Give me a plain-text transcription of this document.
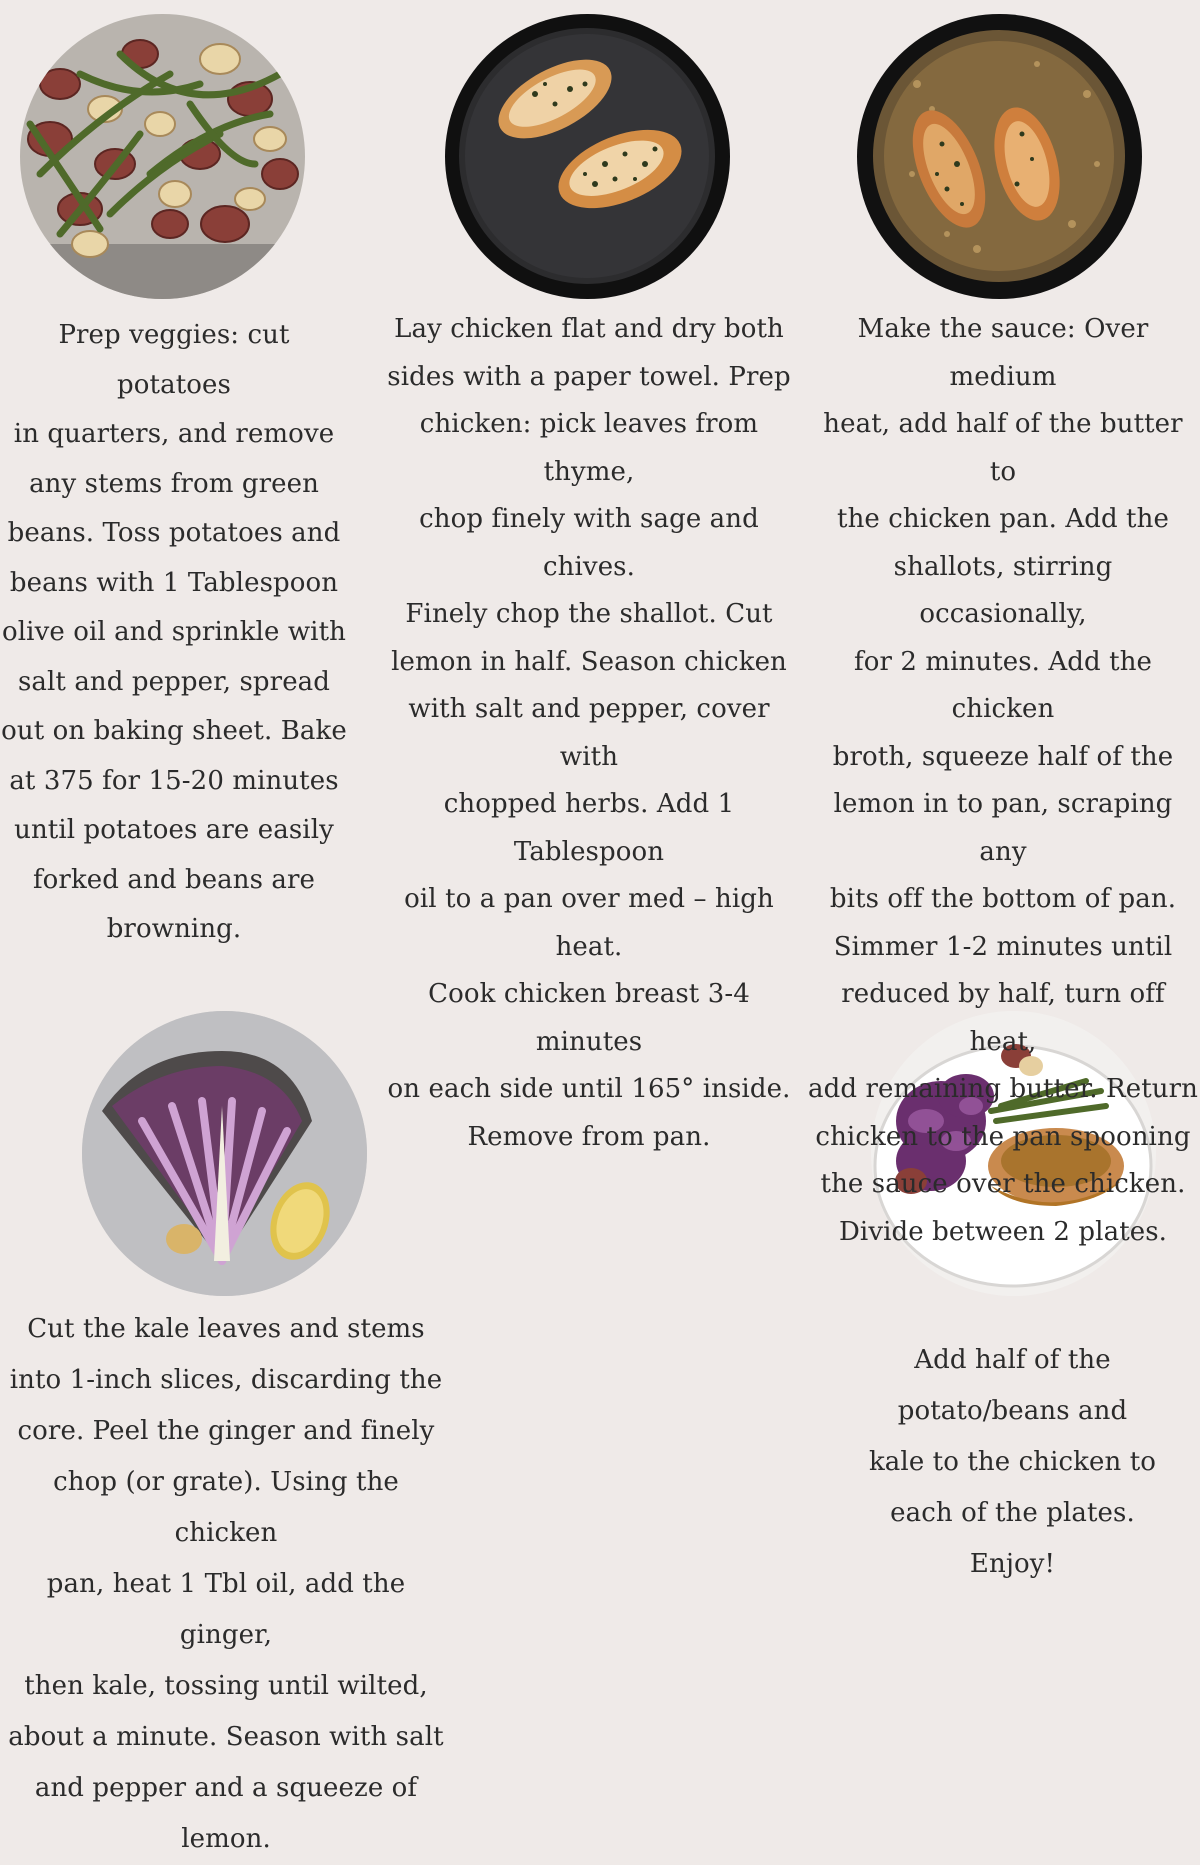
Prep veggies: cut potatoes
in quarters, and remove
any stems from green
beans. Toss potatoes and
beans with 1 Tablespoon
olive oil and sprinkle with
salt and pepper, spread
out on baking sheet. Bake
at 375 for 15-20 minutes
until potatoes are easily
forked and beans are
browning.

Lay chicken flat and dry both
sides with a paper towel. Prep
chicken: pick leaves from thyme,
chop finely with sage and chives.
Finely chop the shallot. Cut
lemon in half. Season chicken
with salt and pepper, cover with
chopped herbs. Add 1 Tablespoon
oil to a pan over med – high heat.
Cook chicken breast 3-4 minutes
on each side until 165° inside.
Remove from pan.

Make the sauce: Over medium
heat, add half of the butter to
the chicken pan. Add the
shallots, stirring occasionally,
for 2 minutes. Add the chicken
broth, squeeze half of the
lemon in to pan, scraping any
bits off the bottom of pan.
Simmer 1-2 minutes until
reduced by half, turn off heat,
add remaining butter. Return
chicken to the pan spooning
the sauce over the chicken.
Divide between 2 plates.

Cut the kale leaves and stems
into 1-inch slices, discarding the
core. Peel the ginger and finely
chop (or grate). Using the chicken
pan, heat 1 Tbl oil, add the ginger,
then kale, tossing until wilted,
about a minute. Season with salt
and pepper and a squeeze of
lemon.

Add half of the
potato/beans and
kale to the chicken to
each of the plates.
Enjoy!
